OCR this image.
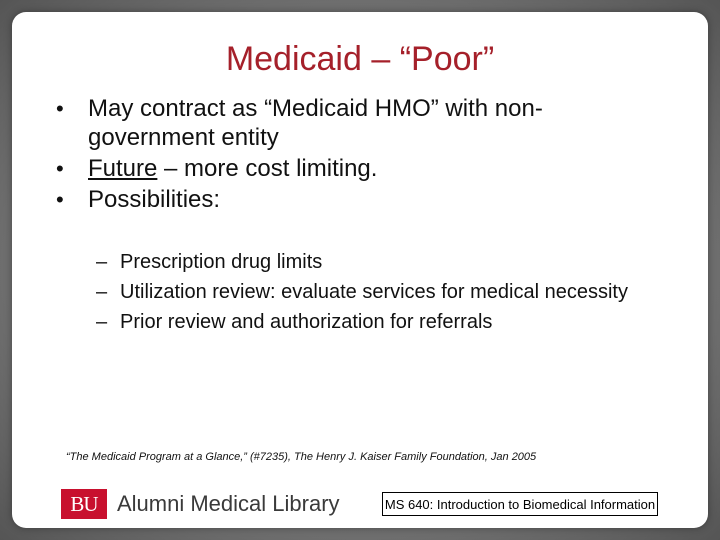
Medicaid – “Poor”
• May contract as “Medicaid HMO” with non-government entity
• Future – more cost limiting.
• Possibilities:
– Prescription drug limits
– Utilization review: evaluate services for medical necessity
– Prior review and authorization for referrals
“The Medicaid Program at a Glance,” (#7235), The Henry J. Kaiser Family Foundation, Jan 2005
BU Alumni Medical Library	MS 640: Introduction to Biomedical Information
